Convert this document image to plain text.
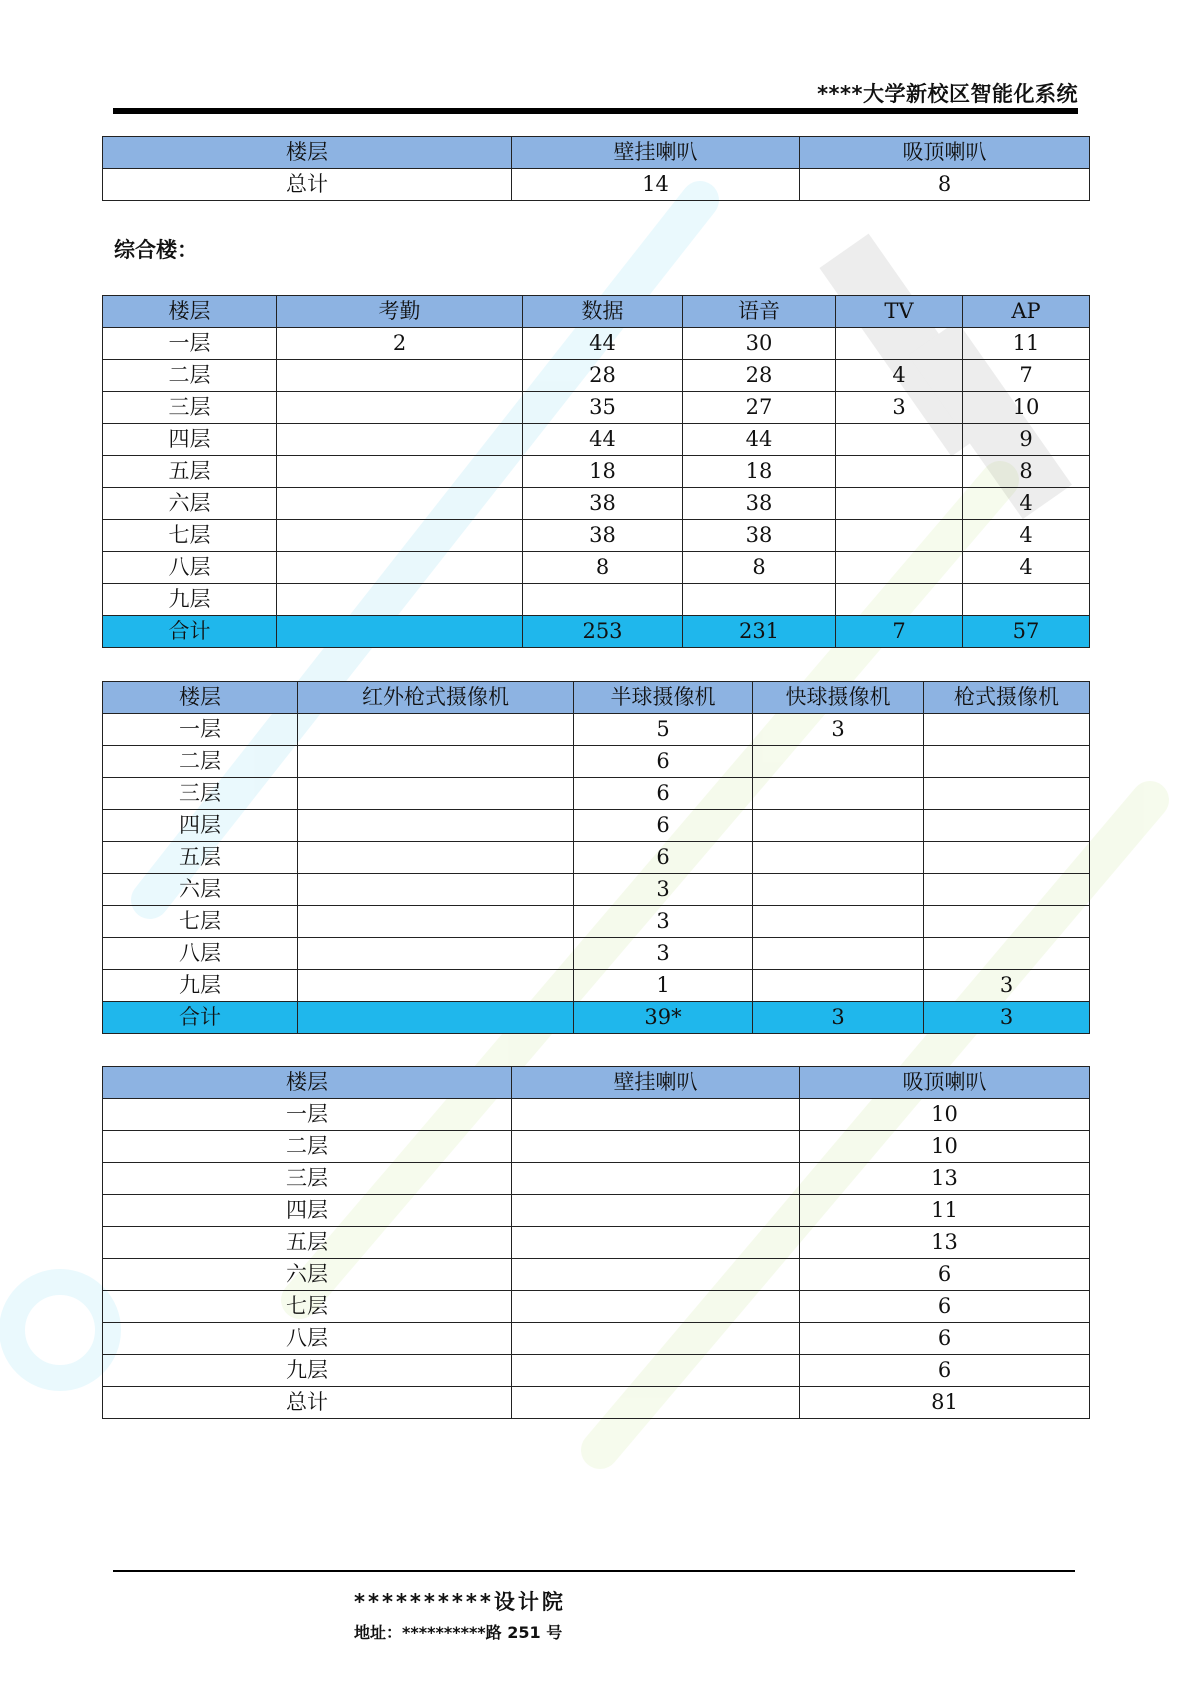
****大学新校区智能化系统
楼层	壁挂喇叭	吸顶喇叭
总计	14	8
综合楼：
楼层	考勤	数据	语音	TV	AP
一层	2	44	30		11
二层		28	28	4	7
三层		35	27	3	10
四层		44	44		9
五层		18	18		8
六层		38	38		4
七层		38	38		4
八层		8	8		4
九层					
合计		253	231	7	57
楼层	红外枪式摄像机	半球摄像机	快球摄像机	枪式摄像机
一层		5	3	
二层		6		
三层		6		
四层		6		
五层		6		
六层		3		
七层		3		
八层		3		
九层		1		3
合计		39*	3	3
楼层	壁挂喇叭	吸顶喇叭
一层		10
二层		10
三层		13
四层		11
五层		13
六层		6
七层		6
八层		6
九层		6
总计		81
**********设计院
地址：**********路 251 号
